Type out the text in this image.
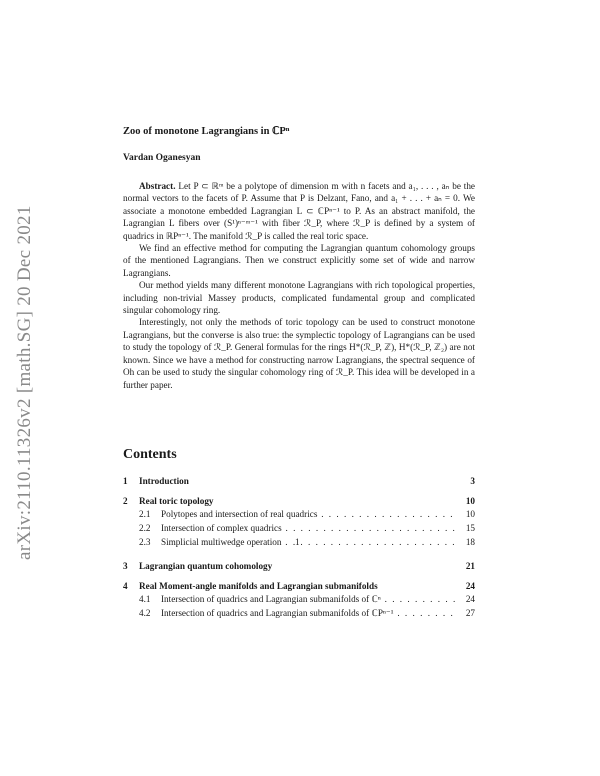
arXiv:2110.11326v2 [math.SG] 20 Dec 2021
Zoo of monotone Lagrangians in ℂPⁿ
Vardan Oganesyan

Abstract. Let P ⊂ ℝᵐ be a polytope of dimension m with n facets and a₁, . . . , aₙ be the normal vectors to the facets of P. Assume that P is Delzant, Fano, and a₁ + . . . + aₙ = 0. We associate a monotone embedded Lagrangian L ⊂ ℂPⁿ⁻¹ to P. As an abstract manifold, the Lagrangian L fibers over (S¹)ⁿ⁻ᵐ⁻¹ with fiber ℛ_P, where ℛ_P is defined by a system of quadrics in ℝPⁿ⁻¹. The manifold ℛ_P is called the real toric space.

We find an effective method for computing the Lagrangian quantum cohomology groups of the mentioned Lagrangians. Then we construct explicitly some set of wide and narrow Lagrangians.

Our method yields many different monotone Lagrangians with rich topological properties, including non-trivial Massey products, complicated fundamental group and complicated singular cohomology ring.

Interestingly, not only the methods of toric topology can be used to construct monotone Lagrangians, but the converse is also true: the symplectic topology of Lagrangians can be used to study the topology of ℛ_P. General formulas for the rings H*(ℛ_P, ℤ), H*(ℛ_P, ℤ₂) are not known. Since we have a method for constructing narrow Lagrangians, the spectral sequence of Oh can be used to study the singular cohomology ring of ℛ_P. This idea will be developed in a further paper.

Contents
1	Introduction	3
2	Real toric topology	10
2.1	Polytopes and intersection of real quadrics . . .	10
2.2	Intersection of complex quadrics . . .	15
2.3	Simplicial multiwedge operation . . .	18
3	Lagrangian quantum cohomology	21
4	Real Moment-angle manifolds and Lagrangian submanifolds	24
4.1	Intersection of quadrics and Lagrangian submanifolds of ℂⁿ . . .	24
4.2	Intersection of quadrics and Lagrangian submanifolds of ℂPⁿ⁻¹ . . .	27
1
